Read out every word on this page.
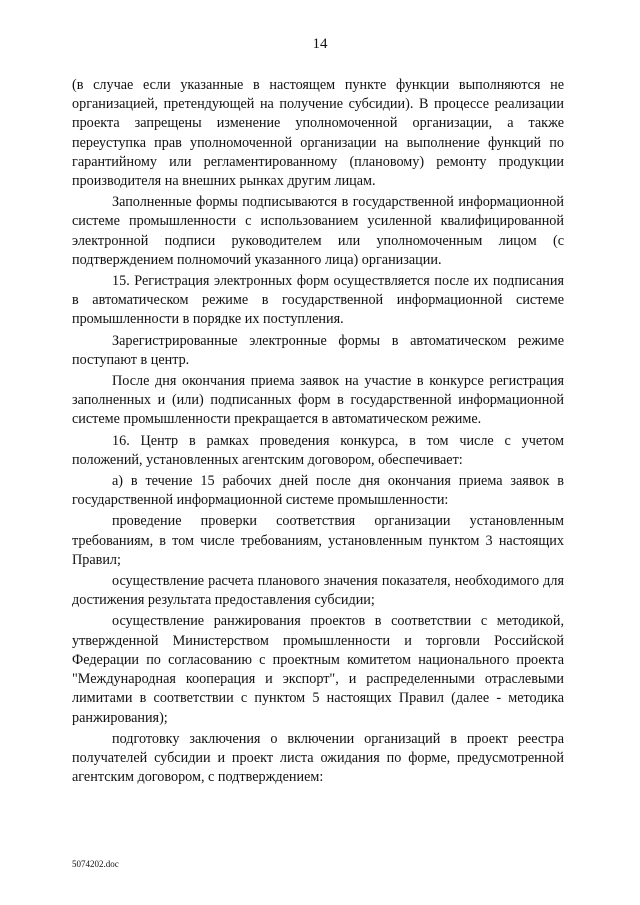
14

(в случае если указанные в настоящем пункте функции выполняются не организацией, претендующей на получение субсидии). В процессе реализации проекта запрещены изменение уполномоченной организации, а также переуступка прав уполномоченной организации на выполнение функций по гарантийному или регламентированному (плановому) ремонту продукции производителя на внешних рынках другим лицам.

Заполненные формы подписываются в государственной информационной системе промышленности с использованием усиленной квалифицированной электронной подписи руководителем или уполномоченным лицом (с подтверждением полномочий указанного лица) организации.

15. Регистрация электронных форм осуществляется после их подписания в автоматическом режиме в государственной информационной системе промышленности в порядке их поступления.

Зарегистрированные электронные формы в автоматическом режиме поступают в центр.

После дня окончания приема заявок на участие в конкурсе регистрация заполненных и (или) подписанных форм в государственной информационной системе промышленности прекращается в автоматическом режиме.

16. Центр в рамках проведения конкурса, в том числе с учетом положений, установленных агентским договором, обеспечивает:

а) в течение 15 рабочих дней после дня окончания приема заявок в государственной информационной системе промышленности:

проведение проверки соответствия организации установленным требованиям, в том числе требованиям, установленным пунктом 3 настоящих Правил;

осуществление расчета планового значения показателя, необходимого для достижения результата предоставления субсидии;

осуществление ранжирования проектов в соответствии с методикой, утвержденной Министерством промышленности и торговли Российской Федерации по согласованию с проектным комитетом национального проекта "Международная кооперация и экспорт", и распределенными отраслевыми лимитами в соответствии с пунктом 5 настоящих Правил (далее - методика ранжирования);

подготовку заключения о включении организаций в проект реестра получателей субсидии и проект листа ожидания по форме, предусмотренной агентским договором, с подтверждением:

5074202.doc
